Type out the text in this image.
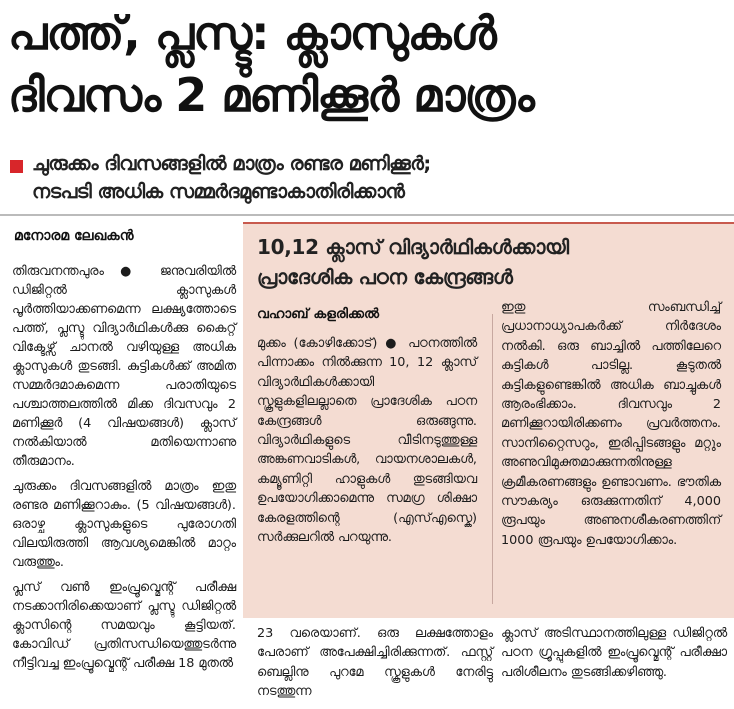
പത്ത്, പ്ലസ്ടു: ക്ലാസുകൾ
ദിവസം 2 മണിക്കൂർ മാത്രം
ചുരുക്കം ദിവസങ്ങളിൽ മാത്രം രണ്ടര മണിക്കൂർ;
നടപടി അധിക സമ്മർദമുണ്ടാകാതിരിക്കാൻ
മനോരമ ലേഖകൻ

തിരുവനന്തപുരം ● ജനുവരിയിൽ ഡിജിറ്റൽ ക്ലാസുകൾ പൂർത്തിയാക്കണമെന്ന ലക്ഷ്യത്തോടെ പത്ത്, പ്ലസ്ടു വിദ്യാർഥികൾക്കു കൈറ്റ് വിക്ടേഴ്സ് ചാനൽ വഴിയുള്ള അധിക ക്ലാസുകൾ തുടങ്ങി. കുട്ടികൾക്ക് അമിത സമ്മർദമാകുമെന്ന പരാതിയുടെ പശ്ചാത്തലത്തിൽ മിക്ക ദിവസവും 2 മണിക്കൂർ (4 വിഷയങ്ങൾ) ക്ലാസ് നൽകിയാൽ മതിയെന്നാണു തീരുമാനം.

ചുരുക്കം ദിവസങ്ങളിൽ മാത്രം ഇതു രണ്ടര മണിക്കൂറാകും. (5 വിഷയങ്ങൾ). ഒരാഴ്ച ക്ലാസുകളുടെ പുരോഗതി വിലയിരുത്തി ആവശ്യമെങ്കിൽ മാറ്റം വരുത്തും.

പ്ലസ് വൺ ഇംപ്രൂവ്മെന്റ് പരീക്ഷ നടക്കാനിരിക്കെയാണ് പ്ലസ്ടു ഡിജിറ്റൽ ക്ലാസിന്റെ സമയവും കൂട്ടിയത്. കോവിഡ് പ്രതിസന്ധിയെത്തുടർന്നു നീട്ടിവച്ച ഇംപ്രൂവ്മെന്റ് പരീക്ഷ 18 മുതൽ

10,12 ക്ലാസ് വിദ്യാർഥികൾക്കായി
പ്രാദേശിക പഠന കേന്ദ്രങ്ങൾ
വഹാബ് കളരിക്കൽ
മുക്കം (കോഴിക്കോട്) ● പഠനത്തിൽ പിന്നാക്കം നിൽക്കുന്ന 10, 12 ക്ലാസ് വിദ്യാർഥികൾക്കായി സ്കൂളുകളിലല്ലാതെ പ്രാദേശിക പഠന കേന്ദ്രങ്ങൾ ഒരുങ്ങുന്നു. വിദ്യാർഥികളുടെ വീടിനടുത്തുള്ള അങ്കണവാടികൾ, വായനശാലകൾ, കമ്യൂണിറ്റി ഹാളുകൾ തുടങ്ങിയവ ഉപയോഗിക്കാമെന്നു സമഗ്ര ശിക്ഷാ കേരളത്തിന്റെ (എസ്എസ്കെ) സർക്കുലറിൽ പറയുന്നു.
ഇതു സംബന്ധിച്ച് പ്രധാനാധ്യാപകർക്ക് നിർദേശം നൽകി. ഒരു ബാച്ചിൽ പത്തിലേറെ കുട്ടികൾ പാടില്ല. കൂടുതൽ കുട്ടികളുണ്ടെങ്കിൽ അധിക ബാച്ചുകൾ ആരംഭിക്കാം. ദിവസവും 2 മണിക്കൂറായിരിക്കണം പ്രവർത്തനം. സാനിറ്റൈസറും, ഇരിപ്പിടങ്ങളും മറ്റും അണുവിമുക്തമാക്കുന്നതിനുള്ള ക്രമീകരണങ്ങളും ഉണ്ടാവണം. ഭൗതിക സൗകര്യം ഒരുക്കുന്നതിന് 4,000 രൂപയും അണുനശീകരണത്തിന് 1000 രൂപയും ഉപയോഗിക്കാം.
23 വരെയാണ്. ഒരു ലക്ഷത്തോളം പേരാണ് അപേക്ഷിച്ചിരിക്കുന്നത്. ഫസ്റ്റ് ബെല്ലിനു പുറമേ സ്കൂളുകൾ നേരിട്ടു നടത്തുന്ന
ക്ലാസ് അടിസ്ഥാനത്തിലുള്ള ഡിജിറ്റൽ പഠന ഗ്രൂപ്പുകളിൽ ഇംപ്രൂവ്മെന്റ് പരീക്ഷാ പരിശീലനം തുടങ്ങിക്കഴിഞ്ഞു.
